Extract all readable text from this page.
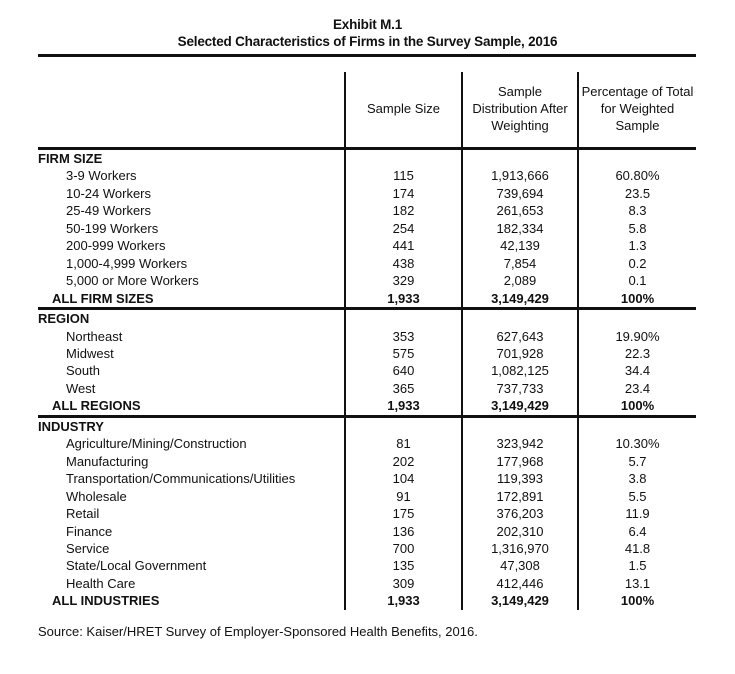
Exhibit M.1
Selected Characteristics of Firms in the Survey Sample, 2016
	Sample Size	Sample Distribution After Weighting	Percentage of Total for Weighted Sample
FIRM SIZE			
3-9 Workers	115	1,913,666	60.80%
10-24 Workers	174	739,694	23.5
25-49 Workers	182	261,653	8.3
50-199 Workers	254	182,334	5.8
200-999 Workers	441	42,139	1.3
1,000-4,999 Workers	438	7,854	0.2
5,000 or More Workers	329	2,089	0.1
ALL FIRM SIZES	1,933	3,149,429	100%
REGION			
Northeast	353	627,643	19.90%
Midwest	575	701,928	22.3
South	640	1,082,125	34.4
West	365	737,733	23.4
ALL REGIONS	1,933	3,149,429	100%
INDUSTRY			
Agriculture/Mining/Construction	81	323,942	10.30%
Manufacturing	202	177,968	5.7
Transportation/Communications/Utilities	104	119,393	3.8
Wholesale	91	172,891	5.5
Retail	175	376,203	11.9
Finance	136	202,310	6.4
Service	700	1,316,970	41.8
State/Local Government	135	47,308	1.5
Health Care	309	412,446	13.1
ALL INDUSTRIES	1,933	3,149,429	100%
Source: Kaiser/HRET Survey of Employer-Sponsored Health Benefits, 2016.
